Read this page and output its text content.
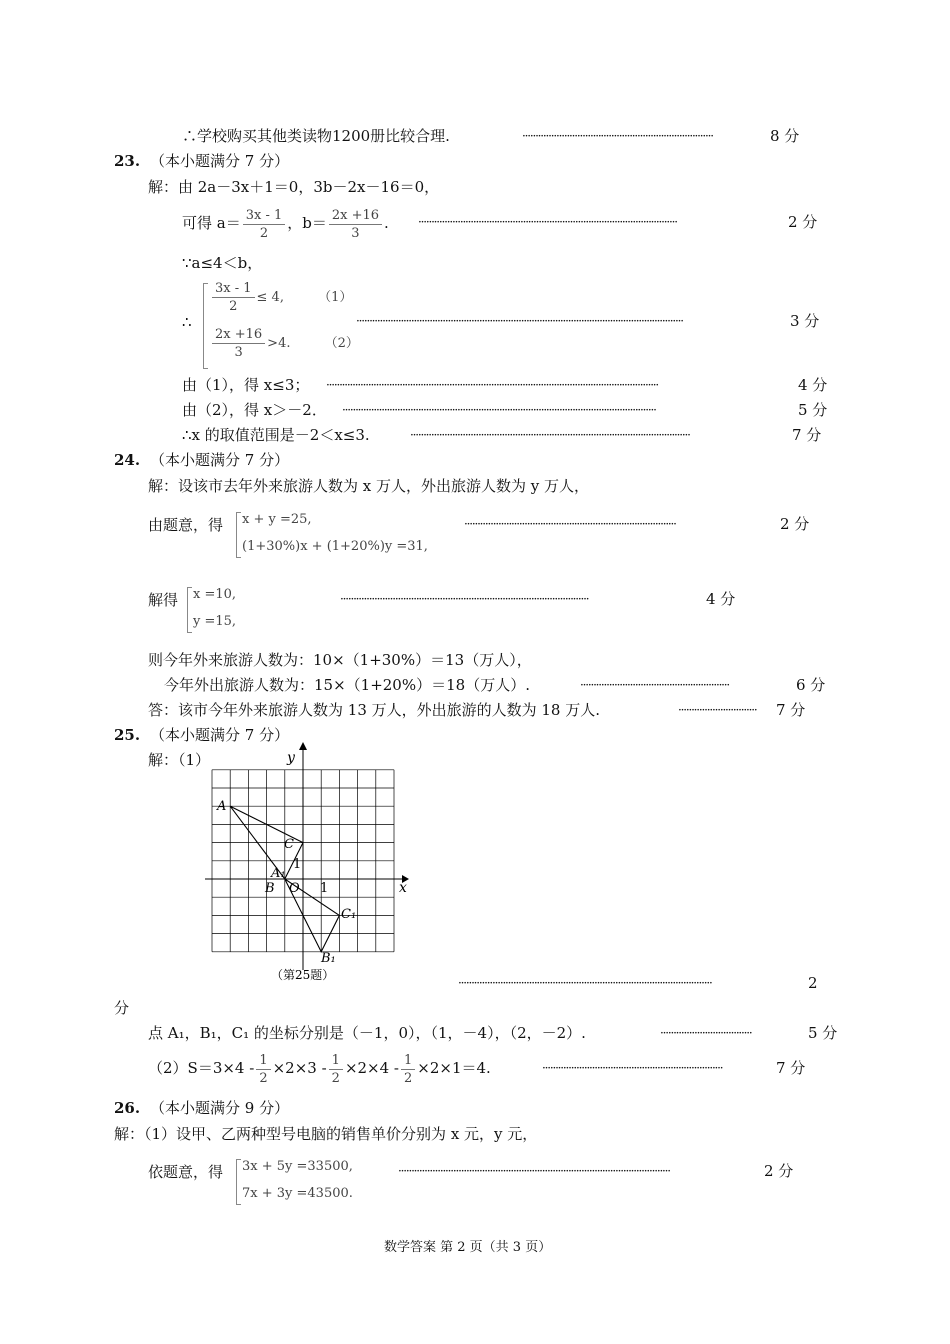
∴学校购买其他类读物1200册比较合理.	·········································································	8 分
23. （本小题满分 7 分）
解：由 2a－3x＋1＝0，3b－2x－16＝0，
可得 $a= \frac{3x - 1}{2}$ ，$b= \frac{2x +16}{3}$ . ···································································································	2 分
∵a≤4＜b，
∴
$\frac{3x - 1}{2} \le 4$,	（1）
$\frac{2x +16}{3} >4$.	（2）
·····························································································································	3 分
由（1），得 x≤3； ·······························································································································	4 分
由（2），得 x＞－2． ························································································································	5 分
∴x 的取值范围是－2＜x≤3.	···········································································································	7 分
24. （本小题满分 7 分）
解：设该市去年外来旅游人数为 x 万人，外出旅游人数为 y 万人，
由题意，得 x + y =25,
(1+30%)x + (1+20%)y =31,
·················································································	2 分
解得 x =10,
y =15,
·······························································································	4 分
则今年外来旅游人数为：10×（1+30%）＝13（万人），
今年外出旅游人数为：15×（1+20%）＝18（万人）.	·························································	6 分
答：该市今年外来旅游人数为 13 万人，外出旅游的人数为 18 万人.	······························ 7 分
25. （本小题满分 7 分）
解：（1）
x
y
O 1
1
A
B
C
A₁
B₁
C₁
（第25题）
·································································································	2
分
点 A₁，B₁，C₁ 的坐标分别是（－1，0），（1，－4），（2，－2）.	···································	5 分
$(2)S=3\times 4 - \frac{1}{2} \times 2\times 3 - \frac{1}{2} \times 2\times 4 - \frac{1}{2} \times 2\times 1=4$.	·····································································	7 分
26. （本小题满分 9 分）
解：（1）设甲、乙两种型号电脑的销售单价分别为 x 元，y 元，
依题意，得 3x + 5y =33500,
7x + 3y =43500.
········································································································	2 分
数学答案 第 2 页（共 3 页）
